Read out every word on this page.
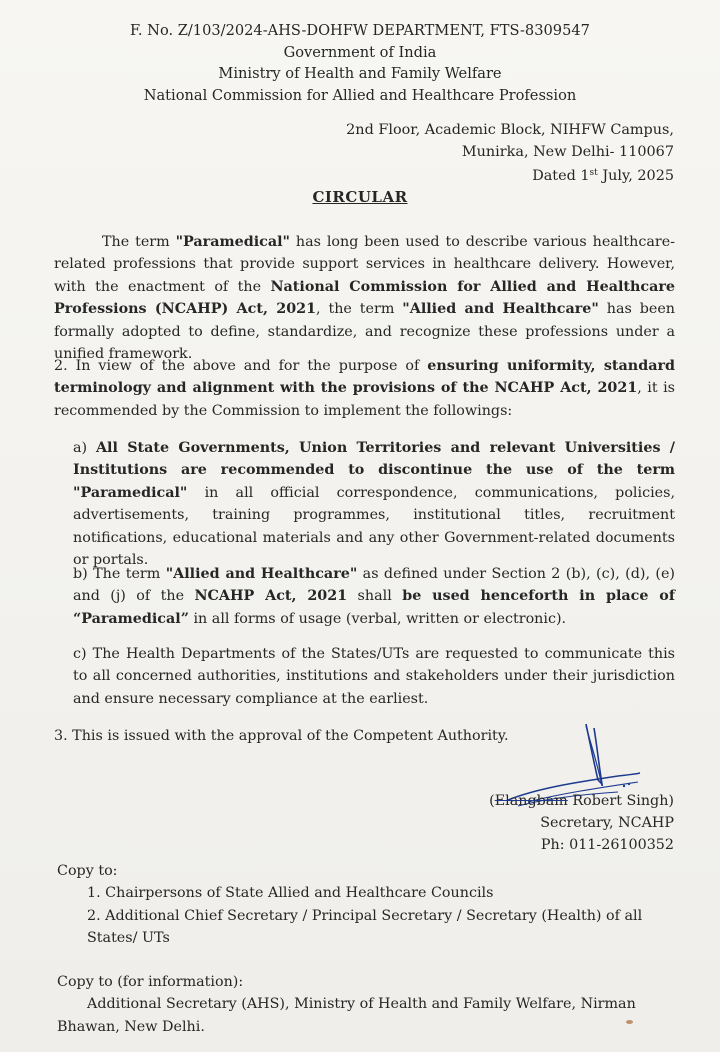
F. No. Z/103/2024-AHS-DOHFW DEPARTMENT, FTS-8309547
Government of India
Ministry of Health and Family Welfare
National Commission for Allied and Healthcare Profession
2nd Floor, Academic Block, NIHFW Campus,
Munirka, New Delhi- 110067
Dated 1st July, 2025
CIRCULAR
The term "Paramedical" has long been used to describe various healthcare-related professions that provide support services in healthcare delivery. However, with the enactment of the National Commission for Allied and Healthcare Professions (NCAHP) Act, 2021, the term "Allied and Healthcare" has been formally adopted to define, standardize, and recognize these professions under a unified framework.
2. In view of the above and for the purpose of ensuring uniformity, standard terminology and alignment with the provisions of the NCAHP Act, 2021, it is recommended by the Commission to implement the followings:
a) All State Governments, Union Territories and relevant Universities / Institutions are recommended to discontinue the use of the term "Paramedical" in all official correspondence, communications, policies, advertisements, training programmes, institutional titles, recruitment notifications, educational materials and any other Government-related documents or portals.
b) The term "Allied and Healthcare" as defined under Section 2 (b), (c), (d), (e) and (j) of the NCAHP Act, 2021 shall be used henceforth in place of “Paramedical” in all forms of usage (verbal, written or electronic).
c) The Health Departments of the States/UTs are requested to communicate this to all concerned authorities, institutions and stakeholders under their jurisdiction and ensure necessary compliance at the earliest.
3. This is issued with the approval of the Competent Authority.
(Elangbam Robert Singh)
Secretary, NCAHP
Ph: 011-26100352
Copy to:
1. Chairpersons of State Allied and Healthcare Councils
2. Additional Chief Secretary / Principal Secretary / Secretary (Health) of all States/ UTs
Copy to (for information):
Additional Secretary (AHS), Ministry of Health and Family Welfare, Nirman Bhawan, New Delhi.
